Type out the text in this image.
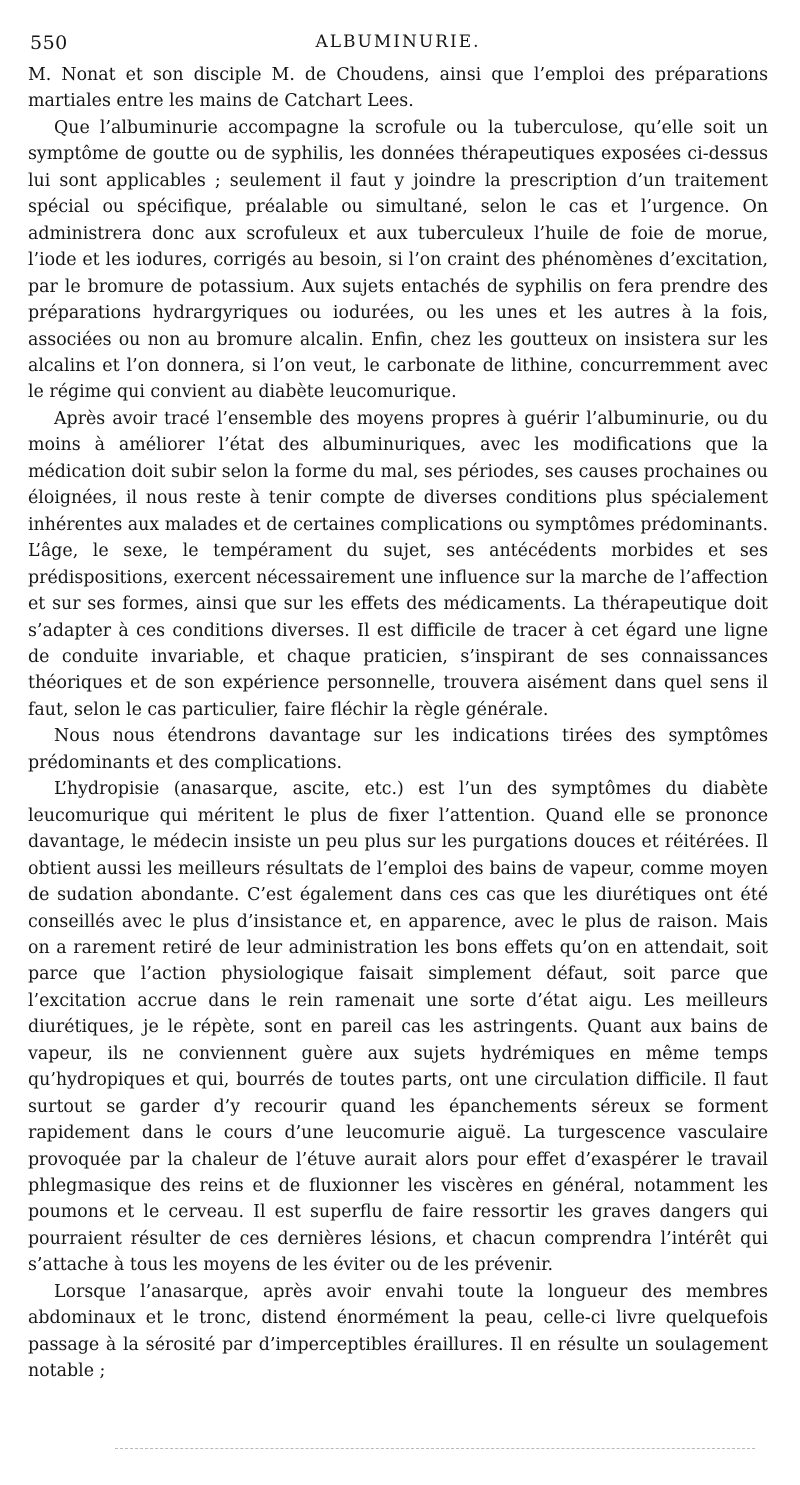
550	ALBUMINURIE.

M. Nonat et son disciple M. de Choudens, ainsi que l’emploi des préparations martiales entre les mains de Catchart Lees.

Que l’albuminurie accompagne la scrofule ou la tuberculose, qu’elle soit un symptôme de goutte ou de syphilis, les données thérapeutiques exposées ci-dessus lui sont applicables ; seulement il faut y joindre la prescription d’un traitement spécial ou spécifique, préalable ou simultané, selon le cas et l’urgence. On administrera donc aux scrofuleux et aux tuberculeux l’huile de foie de morue, l’iode et les iodures, corrigés au besoin, si l’on craint des phénomènes d’excitation, par le bromure de potassium. Aux sujets entachés de syphilis on fera prendre des préparations hydrargyriques ou iodurées, ou les unes et les autres à la fois, associées ou non au bromure alcalin. Enfin, chez les goutteux on insistera sur les alcalins et l’on donnera, si l’on veut, le carbonate de lithine, concurremment avec le régime qui convient au diabète leucomurique.

Après avoir tracé l’ensemble des moyens propres à guérir l’albuminurie, ou du moins à améliorer l’état des albuminuriques, avec les modifications que la médication doit subir selon la forme du mal, ses périodes, ses causes prochaines ou éloignées, il nous reste à tenir compte de diverses conditions plus spécialement inhérentes aux malades et de certaines complications ou symptômes prédominants. L’âge, le sexe, le tempérament du sujet, ses antécédents morbides et ses prédispositions, exercent nécessairement une influence sur la marche de l’affection et sur ses formes, ainsi que sur les effets des médicaments. La thérapeutique doit s’adapter à ces conditions diverses. Il est difficile de tracer à cet égard une ligne de conduite invariable, et chaque praticien, s’inspirant de ses connaissances théoriques et de son expérience personnelle, trouvera aisément dans quel sens il faut, selon le cas particulier, faire fléchir la règle générale.

Nous nous étendrons davantage sur les indications tirées des symptômes prédominants et des complications.

L’hydropisie (anasarque, ascite, etc.) est l’un des symptômes du diabète leucomurique qui méritent le plus de fixer l’attention. Quand elle se prononce davantage, le médecin insiste un peu plus sur les purgations douces et réitérées. Il obtient aussi les meilleurs résultats de l’emploi des bains de vapeur, comme moyen de sudation abondante. C’est également dans ces cas que les diurétiques ont été conseillés avec le plus d’insistance et, en apparence, avec le plus de raison. Mais on a rarement retiré de leur administration les bons effets qu’on en attendait, soit parce que l’action physiologique faisait simplement défaut, soit parce que l’excitation accrue dans le rein ramenait une sorte d’état aigu. Les meilleurs diurétiques, je le répète, sont en pareil cas les astringents. Quant aux bains de vapeur, ils ne conviennent guère aux sujets hydrémiques en même temps qu’hydropiques et qui, bourrés de toutes parts, ont une circulation difficile. Il faut surtout se garder d’y recourir quand les épanchements séreux se forment rapidement dans le cours d’une leucomurie aiguë. La turgescence vasculaire provoquée par la chaleur de l’étuve aurait alors pour effet d’exaspérer le travail phlegmasique des reins et de fluxionner les viscères en général, notamment les poumons et le cerveau. Il est superflu de faire ressortir les graves dangers qui pourraient résulter de ces dernières lésions, et chacun comprendra l’intérêt qui s’attache à tous les moyens de les éviter ou de les prévenir.

Lorsque l’anasarque, après avoir envahi toute la longueur des membres abdominaux et le tronc, distend énormément la peau, celle-ci livre quelquefois passage à la sérosité par d’imperceptibles éraillures. Il en résulte un soulagement notable ;
